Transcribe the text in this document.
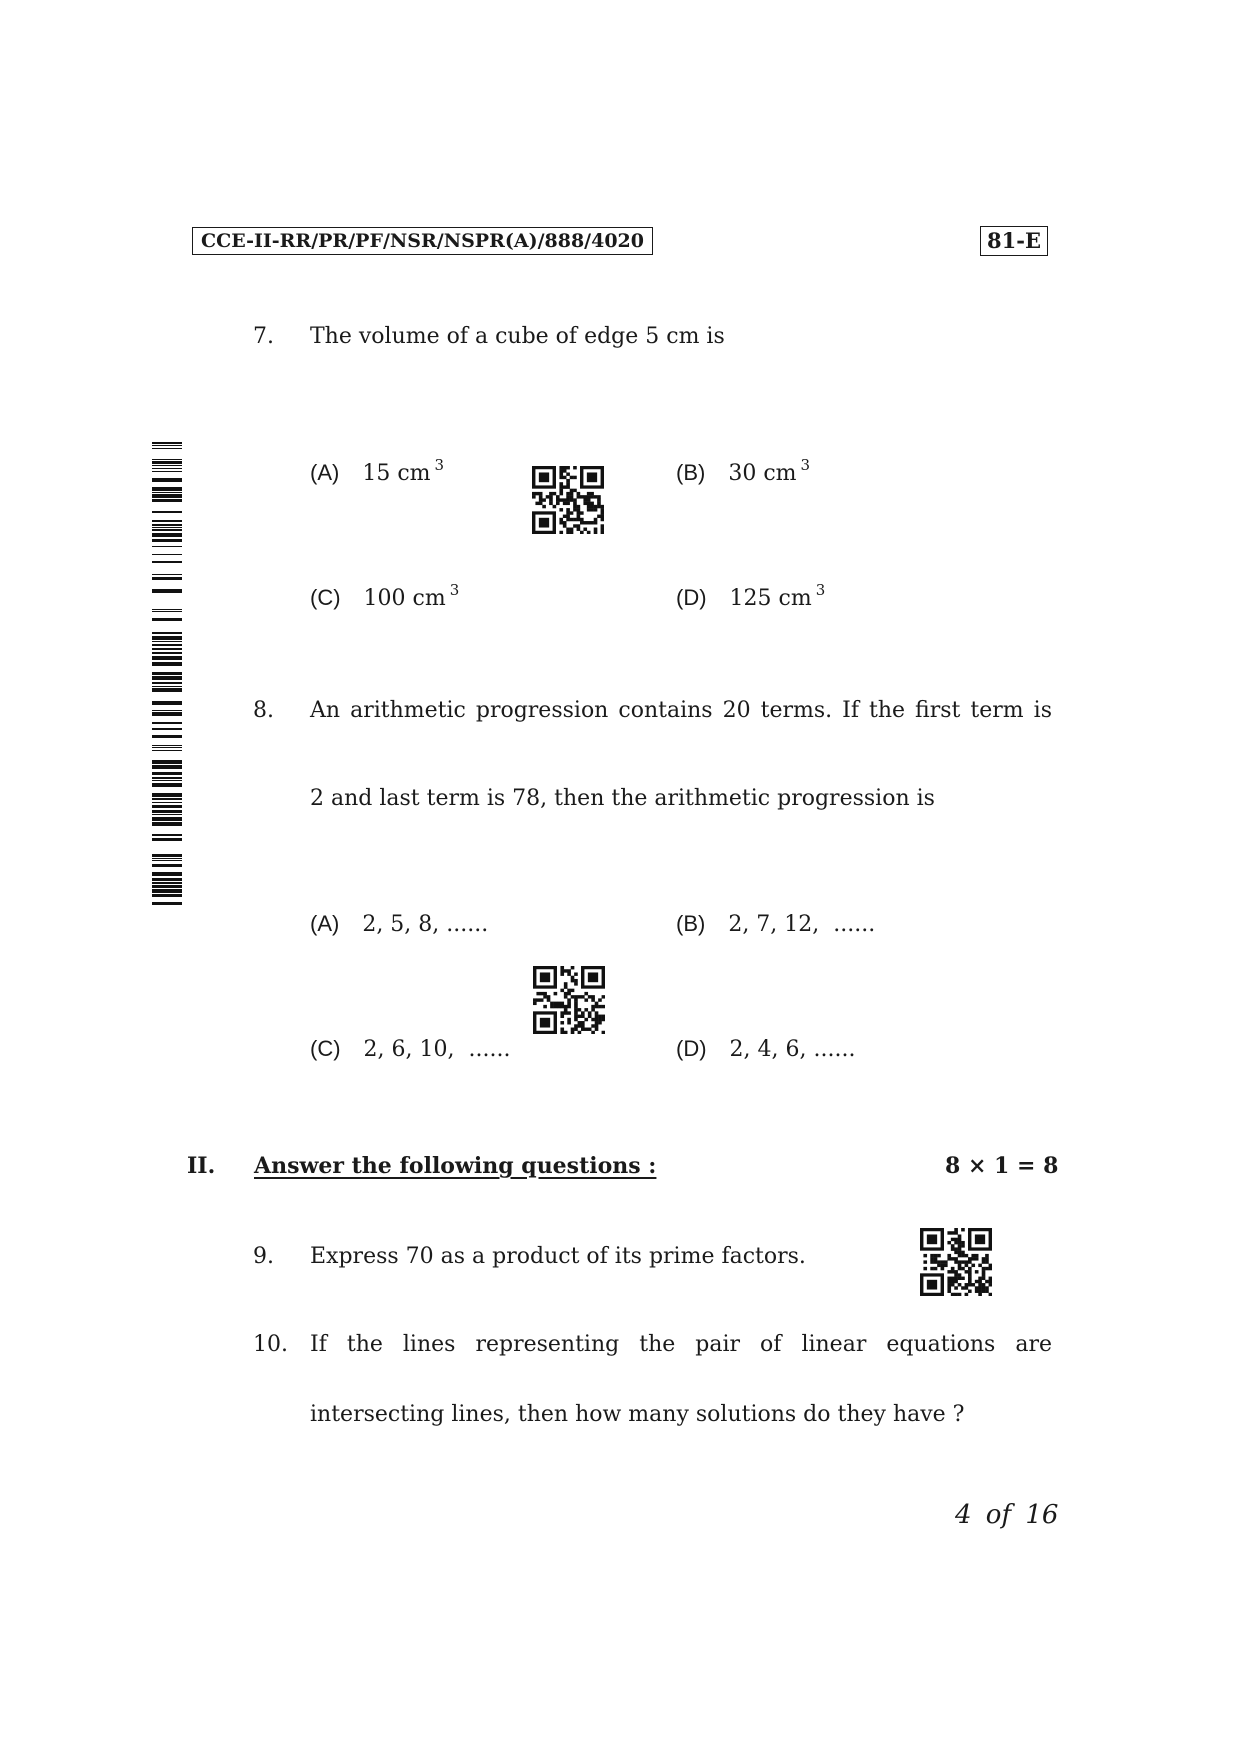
CCE-II-RR/PR/PF/NSR/NSPR(A)/888/4020	81-E
7. The volume of a cube of edge 5 cm is
(A) 15 cm $^3$	(B) 30 cm $^3$
(C) 100 cm $^3$	(D) 125 cm $^3$
8. An arithmetic progression contains 20 terms. If the first term is
2 and last term is 78, then the arithmetic progression is
(A) 2, 5, 8, ......	(B) 2, 7, 12,  ......
(C) 2, 6, 10,  ......	(D) 2, 4, 6, ......
II. Answer the following questions :	8 × 1 = 8
9. Express 70 as a product of its prime factors.
10. If the lines representing the pair of linear equations are
intersecting lines, then how many solutions do they have ?
4 of 16
